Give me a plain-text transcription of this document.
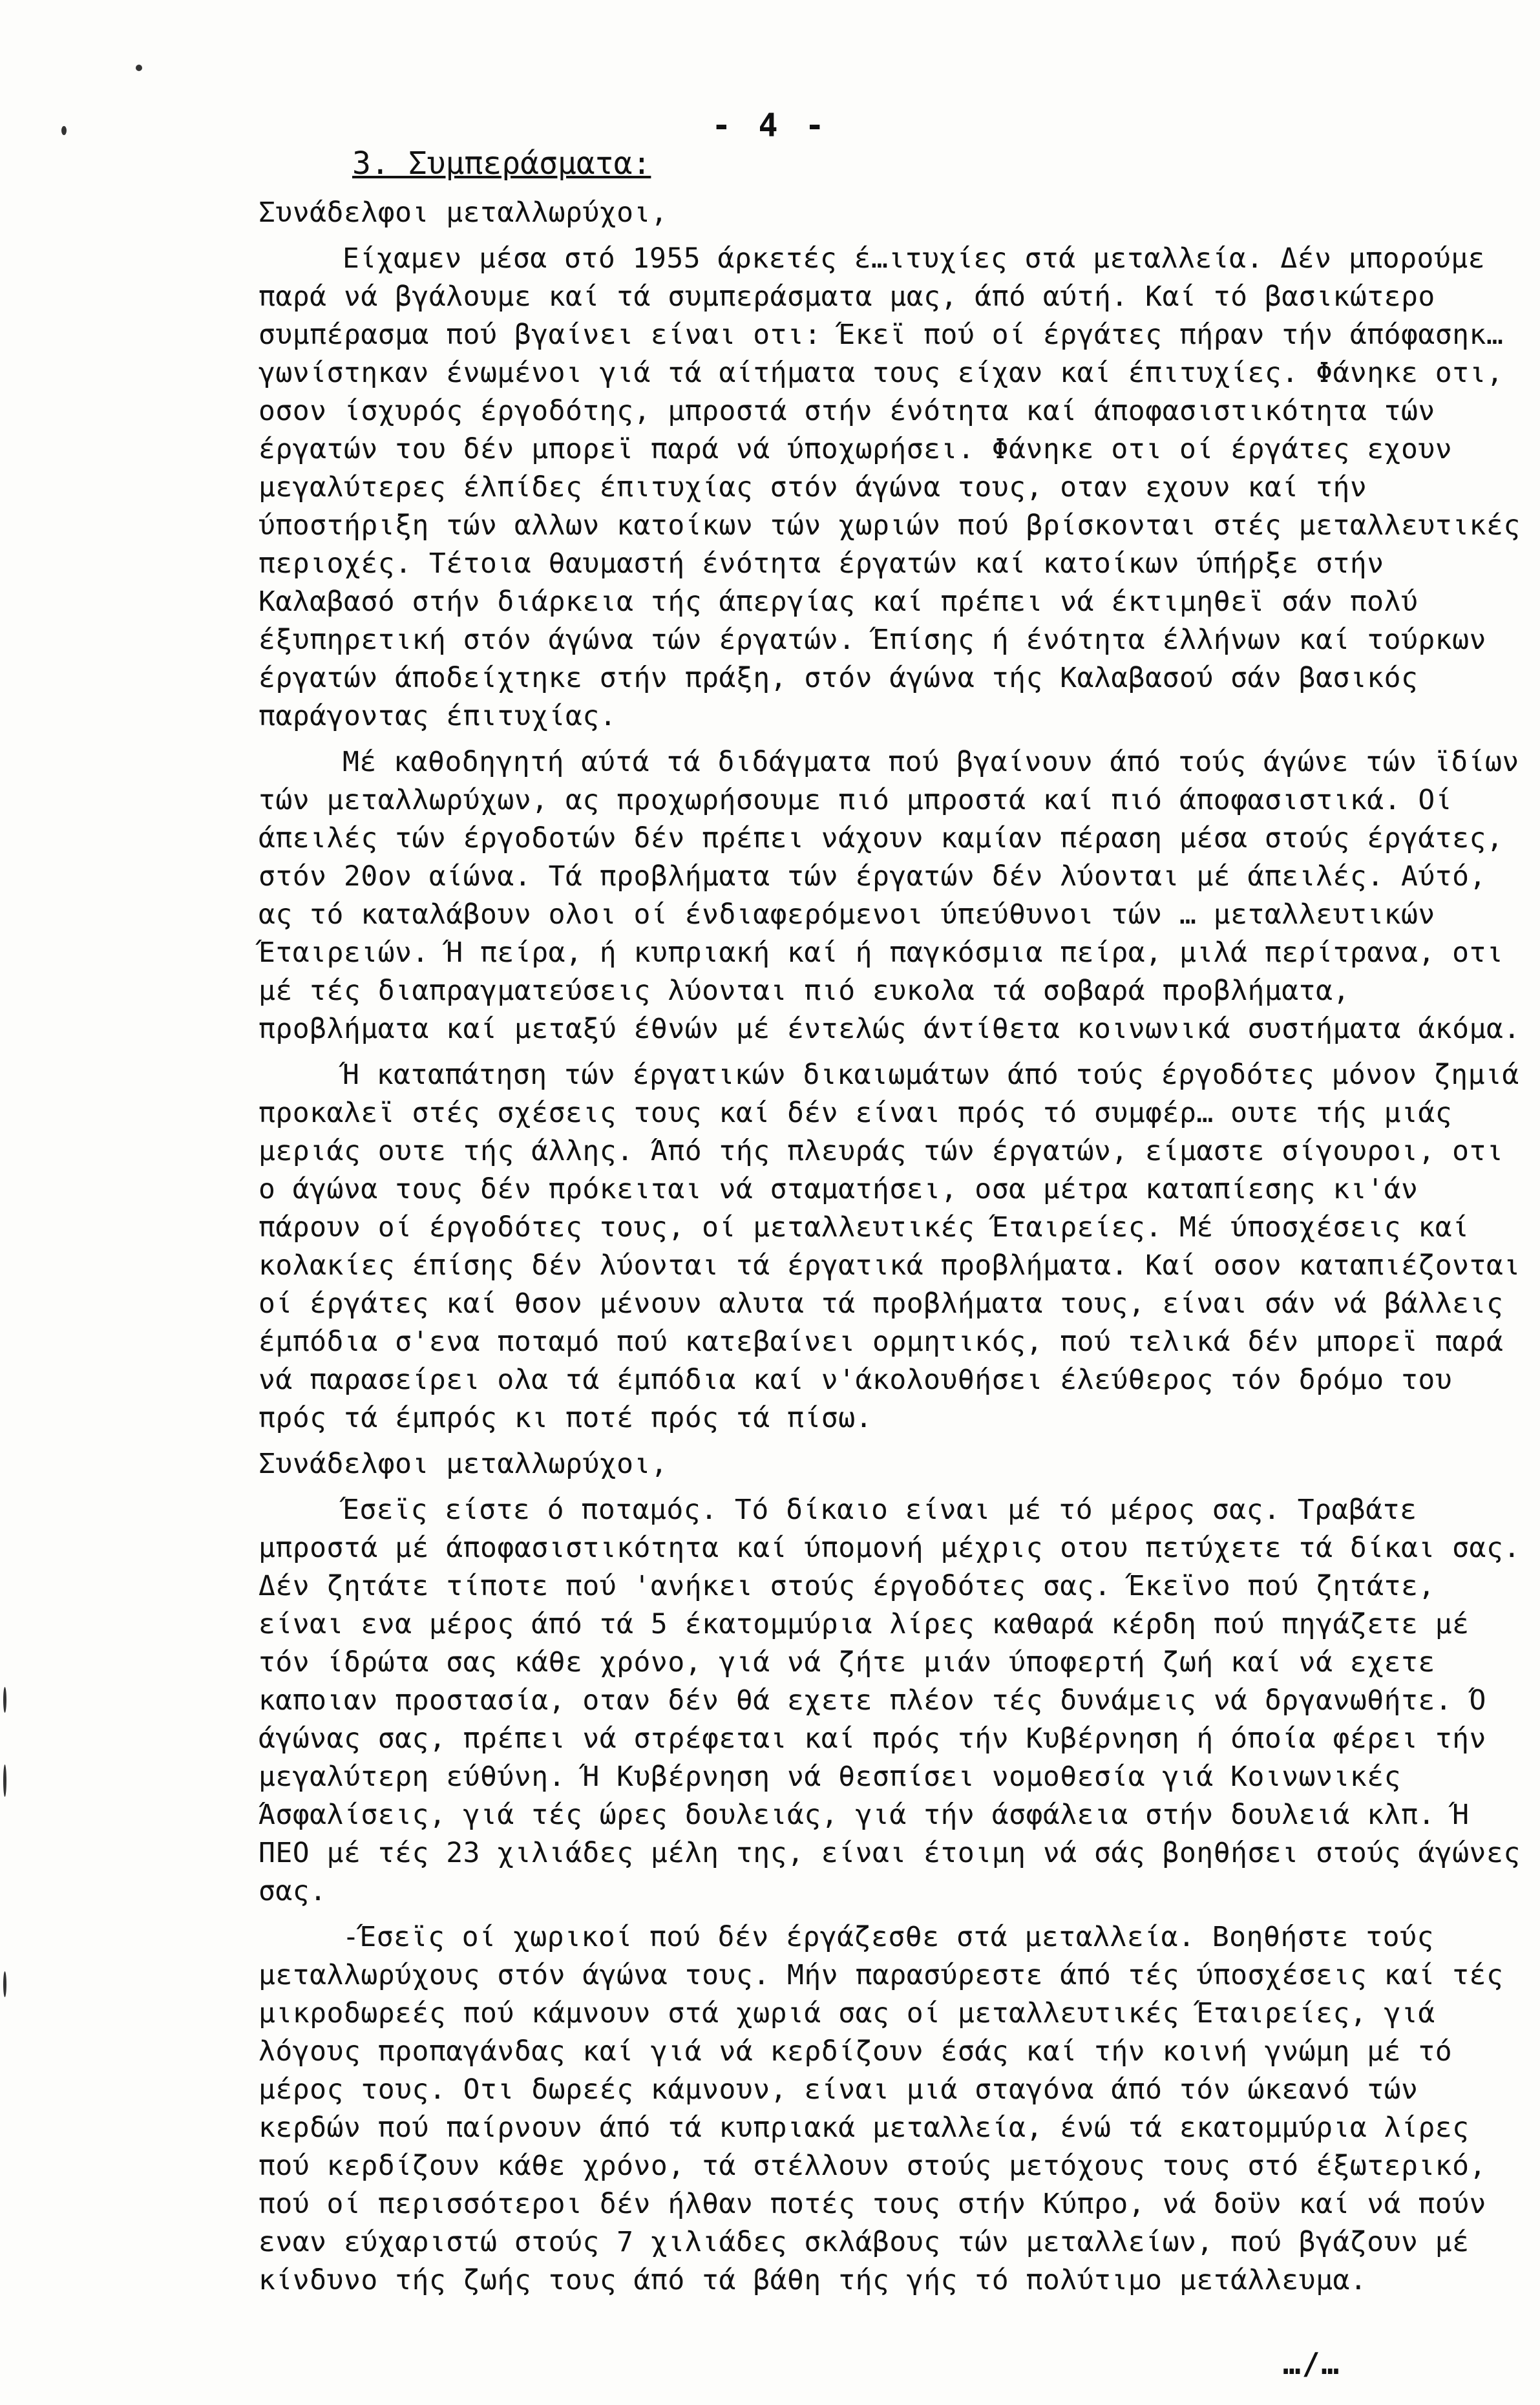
- 4 -
3. Συμπεράσματα:

Συνάδελφοι μεταλλωρύχοι,

Είχαμεν μέσα στό 1955 άρκετές έ…ιτυχίες στά μεταλλεία. Δέν μπορούμε παρά νά βγάλουμε καί τά συμπεράσματα μας, άπό αύτή. Καί τό βασικώτερο συμπέρασμα πού βγαίνει είναι οτι: Έκεϊ πού οί έργάτες πήραν τήν άπόφασηκ…γωνίστηκαν ένωμένοι γιά τά αίτήματα τους είχαν καί έπιτυχίες. Φάνηκε οτι, οσον ίσχυρός έργοδότης, μπροστά στήν ένότητα καί άποφασιστικότητα τών έργατών του δέν μπορεϊ παρά νά ύποχωρήσει. Φάνηκε οτι οί έργάτες εχουν μεγαλύτερες έλπίδες έπιτυχίας στόν άγώνα τους, οταν εχουν καί τήν ύποστήριξη τών αλλων κατοίκων τών χωριών πού βρίσκονται στές μεταλλευτικές περιοχές. Τέτοια θαυμαστή ένότητα έργατών καί κατοίκων ύπήρξε στήν Καλαβασό στήν διάρκεια τής άπεργίας καί πρέπει νά έκτιμηθεϊ σάν πολύ έξυπηρετική στόν άγώνα τών έργατών. Έπίσης ή ένότητα έλλήνων καί τούρκων έργατών άποδείχτηκε στήν πράξη, στόν άγώνα τής Καλαβασού σάν βασικός παράγοντας έπιτυχίας.

Μέ καθοδηγητή αύτά τά διδάγματα πού βγαίνουν άπό τούς άγώνε τών ϊδίων τών μεταλλωρύχων, ας προχωρήσουμε πιό μπροστά καί πιό άποφασιστικά. Οί άπειλές τών έργοδοτών δέν πρέπει νάχουν καμίαν πέραση μέσα στούς έργάτες, στόν 20ον αίώνα. Τά προβλήματα τών έργατών δέν λύονται μέ άπειλές. Αύτό, ας τό καταλάβουν ολοι οί ένδιαφερόμενοι ύπεύθυνοι τών … μεταλλευτικών Έταιρειών. Ή πείρα, ή κυπριακή καί ή παγκόσμια πείρα, μιλά περίτρανα, οτι μέ τές διαπραγματεύσεις λύονται πιό ευκολα τά σοβαρά προβλήματα, προβλήματα καί μεταξύ έθνών μέ έντελώς άντίθετα κοινωνικά συστήματα άκόμα.

Ή καταπάτηση τών έργατικών δικαιωμάτων άπό τούς έργοδότες μόνον ζημιά προκαλεϊ στές σχέσεις τους καί δέν είναι πρός τό συμφέρ… ουτε τής μιάς μεριάς ουτε τής άλλης. Άπό τής πλευράς τών έργατών, είμαστε σίγουροι, οτι ο άγώνα τους δέν πρόκειται νά σταματήσει, οσα μέτρα καταπίεσης κι'άν πάρουν οί έργοδότες τους, οί μεταλλευτικές Έταιρείες. Μέ ύποσχέσεις καί κολακίες έπίσης δέν λύονται τά έργατικά προβλήματα. Καί οσον καταπιέζονται οί έργάτες καί θσον μένουν αλυτα τά προβλήματα τους, είναι σάν νά βάλλεις έμπόδια σ'ενα ποταμό πού κατεβαίνει ορμητικός, πού τελικά δέν μπορεϊ παρά νά παρασείρει ολα τά έμπόδια καί ν'άκολουθήσει έλεύθερος τόν δρόμο του πρός τά έμπρός κι ποτέ πρός τά πίσω.

Συνάδελφοι μεταλλωρύχοι,

Έσεϊς είστε ό ποταμός. Τό δίκαιο είναι μέ τό μέρος σας. Τραβάτε μπροστά μέ άποφασιστικότητα καί ύπομονή μέχρις οτου πετύχετε τά δίκαι σας. Δέν ζητάτε τίποτε πού 'ανήκει στούς έργοδότες σας. Έκεϊνο πού ζητάτε, είναι ενα μέρος άπό τά 5 έκατομμύρια λίρες καθαρά κέρδη πού πηγάζετε μέ τόν ίδρώτα σας κάθε χρόνο, γιά νά ζήτε μιάν ύποφερτή ζωή καί νά εχετε καποιαν προστασία, οταν δέν θά εχετε πλέον τές δυνάμεις νά δργανωθήτε. Ό άγώνας σας, πρέπει νά στρέφεται καί πρός τήν Κυβέρνηση ή όποία φέρει τήν μεγαλύτερη εύθύνη. Ή Κυβέρνηση νά θεσπίσει νομοθεσία γιά Κοινωνικές Άσφαλίσεις, γιά τές ώρες δουλειάς, γιά τήν άσφάλεια στήν δουλειά κλπ. Ή ΠΕΟ μέ τές 23 χιλιάδες μέλη της, είναι έτοιμη νά σάς βοηθήσει στούς άγώνες σας.

-Έσεϊς οί χωρικοί πού δέν έργάζεσθε στά μεταλλεία. Βοηθήστε τούς μεταλλωρύχους στόν άγώνα τους. Μήν παρασύρεστε άπό τές ύποσχέσεις καί τές μικροδωρεές πού κάμνουν στά χωριά σας οί μεταλλευτικές Έταιρείες, γιά λόγους προπαγάνδας καί γιά νά κερδίζουν έσάς καί τήν κοινή γνώμη μέ τό μέρος τους. Οτι δωρεές κάμνουν, είναι μιά σταγόνα άπό τόν ώκεανό τών κερδών πού παίρνουν άπό τά κυπριακά μεταλλεία, ένώ τά εκατομμύρια λίρες πού κερδίζουν κάθε χρόνο, τά στέλλουν στούς μετόχους τους στό έξωτερικό, πού οί περισσότεροι δέν ήλθαν ποτές τους στήν Κύπρο, νά δοϋν καί νά πούν εναν εύχαριστώ στούς 7 χιλιάδες σκλάβους τών μεταλλείων, πού βγάζουν μέ κίνδυνο τής ζωής τους άπό τά βάθη τής γής τό πολύτιμο μετάλλευμα.

…/…
